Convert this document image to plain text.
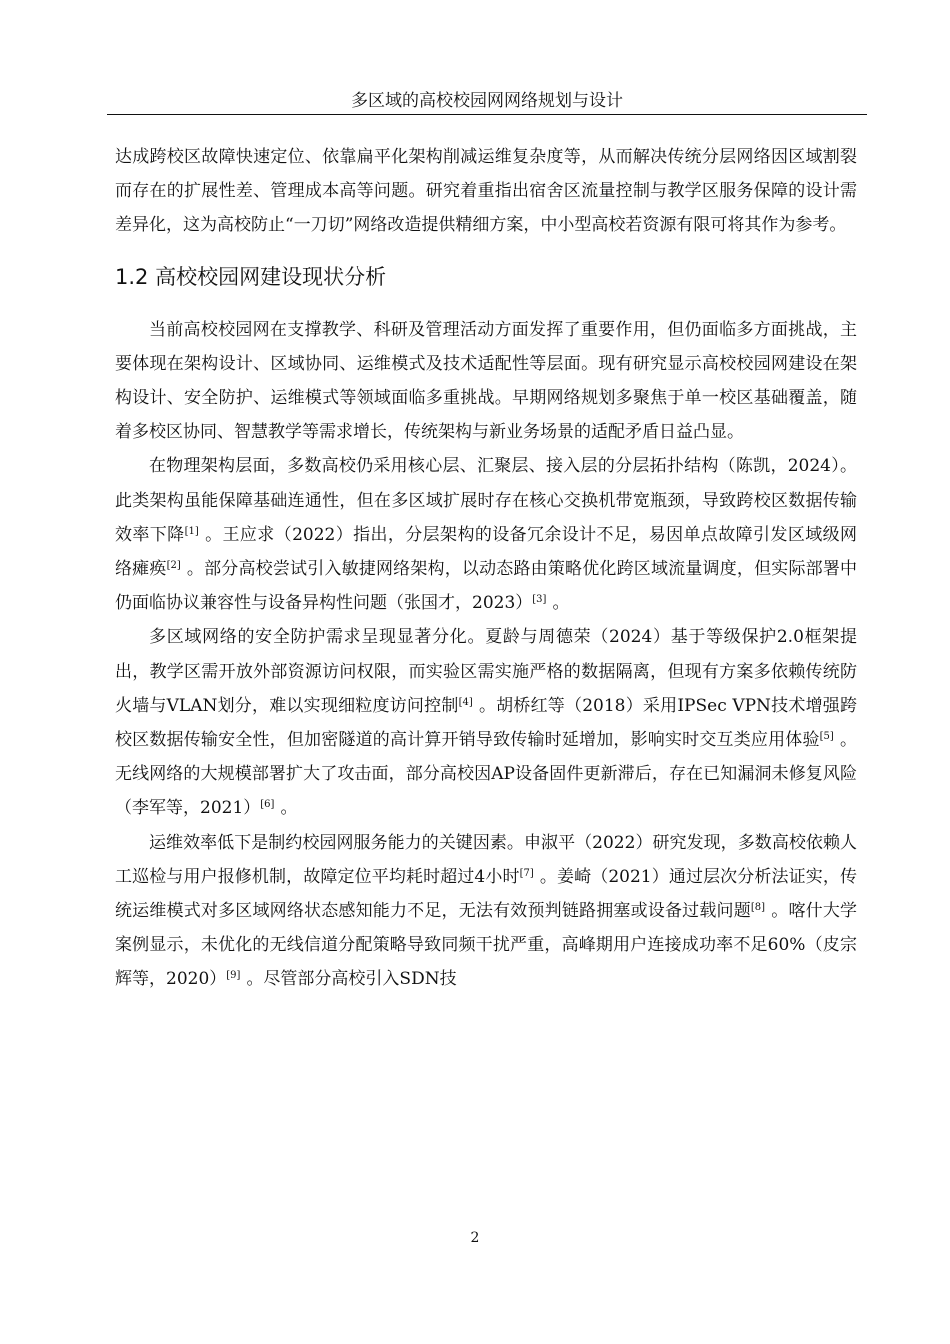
多区域的高校校园网网络规划与设计

达成跨校区故障快速定位、依靠扁平化架构削减运维复杂度等，从而解决传统分层网络因区域割裂而存在的扩展性差、管理成本高等问题。研究着重指出宿舍区流量控制与教学区服务保障的设计需差异化，这为高校防止“一刀切”网络改造提供精细方案，中小型高校若资源有限可将其作为参考。

1.2 高校校园网建设现状分析

当前高校校园网在支撑教学、科研及管理活动方面发挥了重要作用，但仍面临多方面挑战，主要体现在架构设计、区域协同、运维模式及技术适配性等层面。现有研究显示高校校园网建设在架构设计、安全防护、运维模式等领域面临多重挑战。早期网络规划多聚焦于单一校区基础覆盖，随着多校区协同、智慧教学等需求增长，传统架构与新业务场景的适配矛盾日益凸显。

在物理架构层面，多数高校仍采用核心层、汇聚层、接入层的分层拓扑结构（陈凯，2024）。此类架构虽能保障基础连通性，但在多区域扩展时存在核心交换机带宽瓶颈，导致跨校区数据传输效率下降[1] 。王应求（2022）指出，分层架构的设备冗余设计不足，易因单点故障引发区域级网络瘫痪[2] 。部分高校尝试引入敏捷网络架构，以动态路由策略优化跨区域流量调度，但实际部署中仍面临协议兼容性与设备异构性问题（张国才，2023）[3] 。

多区域网络的安全防护需求呈现显著分化。夏龄与周德荣（2024）基于等级保护2.0框架提出，教学区需开放外部资源访问权限，而实验区需实施严格的数据隔离，但现有方案多依赖传统防火墙与VLAN划分，难以实现细粒度访问控制[4] 。胡桥红等（2018）采用IPSec VPN技术增强跨校区数据传输安全性，但加密隧道的高计算开销导致传输时延增加，影响实时交互类应用体验[5] 。无线网络的大规模部署扩大了攻击面，部分高校因AP设备固件更新滞后，存在已知漏洞未修复风险（李军等，2021）[6] 。

运维效率低下是制约校园网服务能力的关键因素。申淑平（2022）研究发现，多数高校依赖人工巡检与用户报修机制，故障定位平均耗时超过4小时[7] 。姜崎（2021）通过层次分析法证实，传统运维模式对多区域网络状态感知能力不足，无法有效预判链路拥塞或设备过载问题[8] 。喀什大学案例显示，未优化的无线信道分配策略导致同频干扰严重，高峰期用户连接成功率不足60%（皮宗辉等，2020）[9] 。尽管部分高校引入SDN技

2
